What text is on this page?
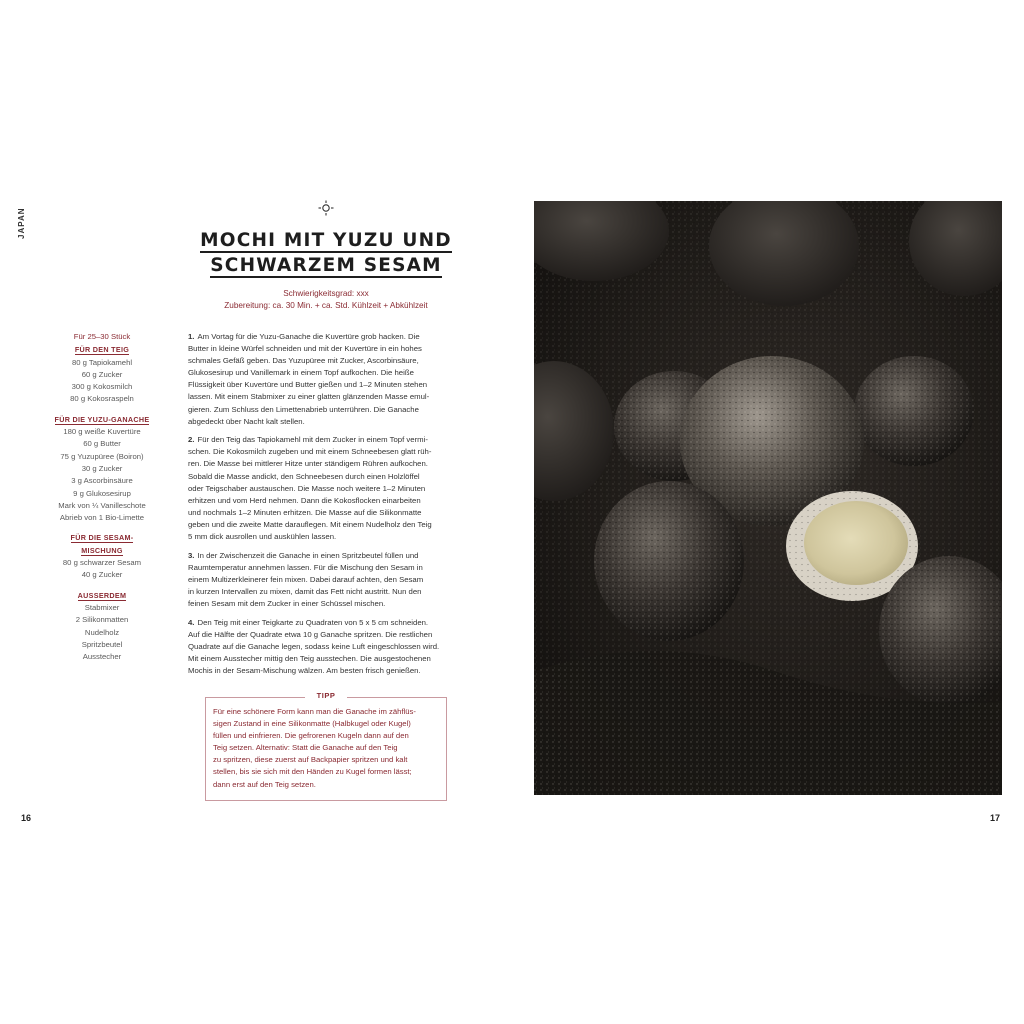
JAPAN
MOCHI MIT YUZU UND
SCHWARZEM SESAM
Schwierigkeitsgrad: xxx
Zubereitung: ca. 30 Min. + ca. Std. Kühlzeit + Abkühlzeit
Für 25–30 Stück
FÜR DEN TEIG
80 g Tapiokamehl
60 g Zucker
300 g Kokosmilch
80 g Kokosraspeln
FÜR DIE YUZU-GANACHE
180 g weiße Kuvertüre
60 g Butter
75 g Yuzupüree (Boiron)
30 g Zucker
3 g Ascorbinsäure
9 g Glukosesirup
Mark von ¼ Vanilleschote
Abrieb von 1 Bio-Limette
FÜR DIE SESAM-
MISCHUNG
80 g schwarzer Sesam
40 g Zucker
AUSSERDEM
Stabmixer
2 Silikonmatten
Nudelholz
Spritzbeutel
Ausstecher

1. Am Vortag für die Yuzu-Ganache die Kuvertüre grob hacken. Die
Butter in kleine Würfel schneiden und mit der Kuvertüre in ein hohes
schmales Gefäß geben. Das Yuzupüree mit Zucker, Ascorbinsäure,
Glukosesirup und Vanillemark in einem Topf aufkochen. Die heiße
Flüssigkeit über Kuvertüre und Butter gießen und 1–2 Minuten stehen
lassen. Mit einem Stabmixer zu einer glatten glänzenden Masse emul-
gieren. Zum Schluss den Limettenabrieb unterrühren. Die Ganache
abgedeckt über Nacht kalt stellen.

2. Für den Teig das Tapiokamehl mit dem Zucker in einem Topf vermi-
schen. Die Kokosmilch zugeben und mit einem Schneebesen glatt rüh-
ren. Die Masse bei mittlerer Hitze unter ständigem Rühren aufkochen.
Sobald die Masse andickt, den Schneebesen durch einen Holzlöffel
oder Teigschaber austauschen. Die Masse noch weitere 1–2 Minuten
erhitzen und vom Herd nehmen. Dann die Kokosflocken einarbeiten
und nochmals 1–2 Minuten erhitzen. Die Masse auf die Silikonmatte
geben und die zweite Matte darauflegen. Mit einem Nudelholz den Teig
5 mm dick ausrollen und auskühlen lassen.

3. In der Zwischenzeit die Ganache in einen Spritzbeutel füllen und
Raumtemperatur annehmen lassen. Für die Mischung den Sesam in
einem Multizerkleinerer fein mixen. Dabei darauf achten, den Sesam
in kurzen Intervallen zu mixen, damit das Fett nicht austritt. Nun den
feinen Sesam mit dem Zucker in einer Schüssel mischen.

4. Den Teig mit einer Teigkarte zu Quadraten von 5 x 5 cm schneiden.
Auf die Hälfte der Quadrate etwa 10 g Ganache spritzen. Die restlichen
Quadrate auf die Ganache legen, sodass keine Luft eingeschlossen wird.
Mit einem Ausstecher mittig den Teig ausstechen. Die ausgestochenen
Mochis in der Sesam-Mischung wälzen. Am besten frisch genießen.

TIPP
Für eine schönere Form kann man die Ganache im zähflüs-
sigen Zustand in eine Silikonmatte (Halbkugel oder Kugel)
füllen und einfrieren. Die gefrorenen Kugeln dann auf den
Teig setzen. Alternativ: Statt die Ganache auf den Teig
zu spritzen, diese zuerst auf Backpapier spritzen und kalt
stellen, bis sie sich mit den Händen zu Kugel formen lässt;
dann erst auf den Teig setzen.
16	17
